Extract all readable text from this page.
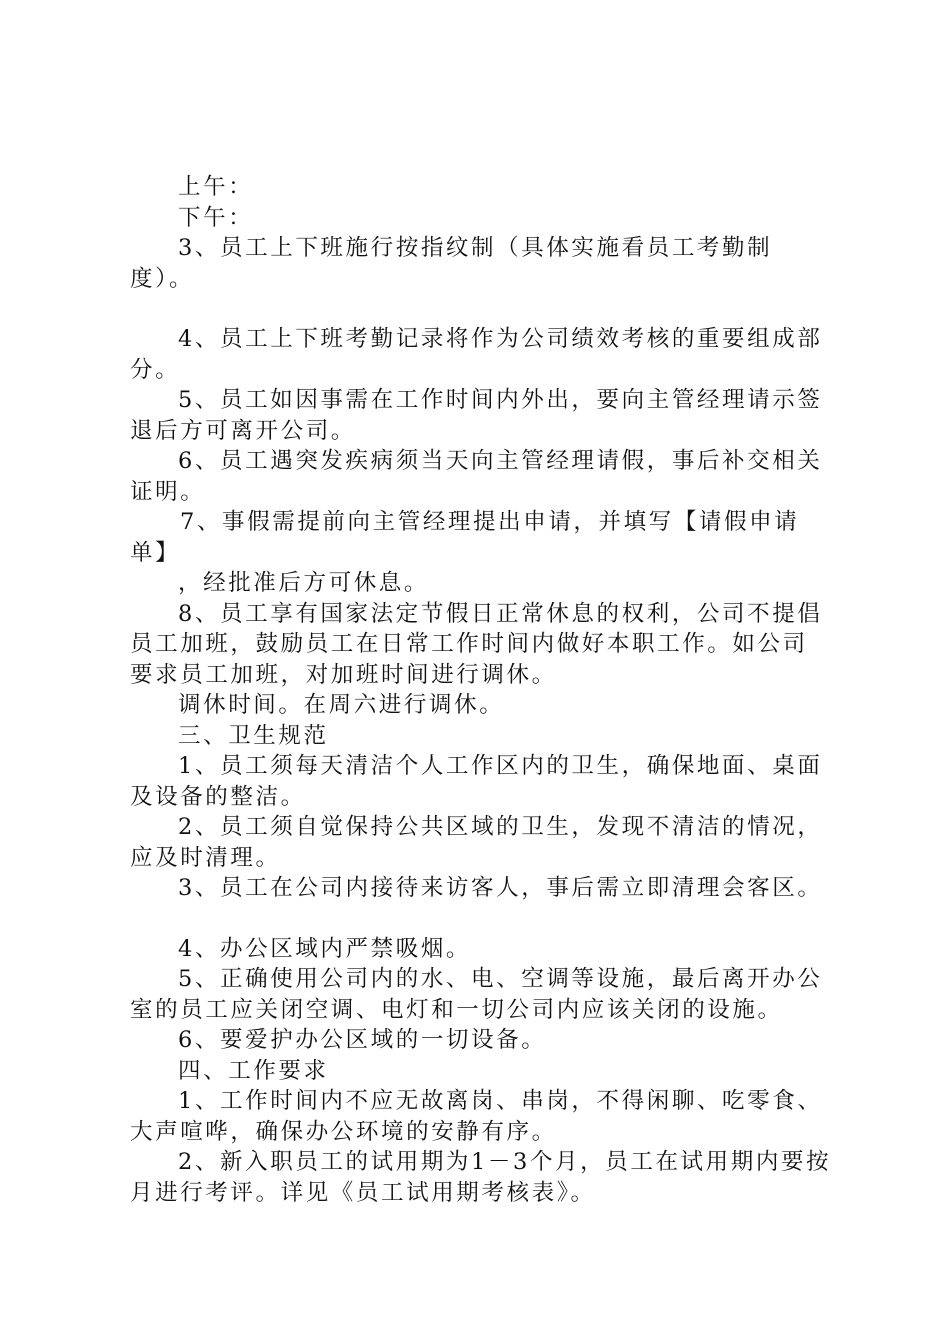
上午：

下午：

3、员工上下班施行按指纹制（具体实施看员工考勤制度）。

4、员工上下班考勤记录将作为公司绩效考核的重要组成部分。

5、员工如因事需在工作时间内外出，要向主管经理请示签退后方可离开公司。

6、员工遇突发疾病须当天向主管经理请假，事后补交相关证明。

7、事假需提前向主管经理提出申请，并填写【请假申请单】

，经批准后方可休息。

8、员工享有国家法定节假日正常休息的权利，公司不提倡员工加班，鼓励员工在日常工作时间内做好本职工作。如公司要求员工加班，对加班时间进行调休。

调休时间。在周六进行调休。

三、卫生规范

1、员工须每天清洁个人工作区内的卫生，确保地面、桌面及设备的整洁。

2、员工须自觉保持公共区域的卫生，发现不清洁的情况，应及时清理。

3、员工在公司内接待来访客人，事后需立即清理会客区。

4、办公区域内严禁吸烟。

5、正确使用公司内的水、电、空调等设施，最后离开办公室的员工应关闭空调、电灯和一切公司内应该关闭的设施。

6、要爱护办公区域的一切设备。

四、工作要求

1、工作时间内不应无故离岗、串岗，不得闲聊、吃零食、大声喧哗，确保办公环境的安静有序。

2、新入职员工的试用期为1－3个月，员工在试用期内要按月进行考评。详见《员工试用期考核表》。
